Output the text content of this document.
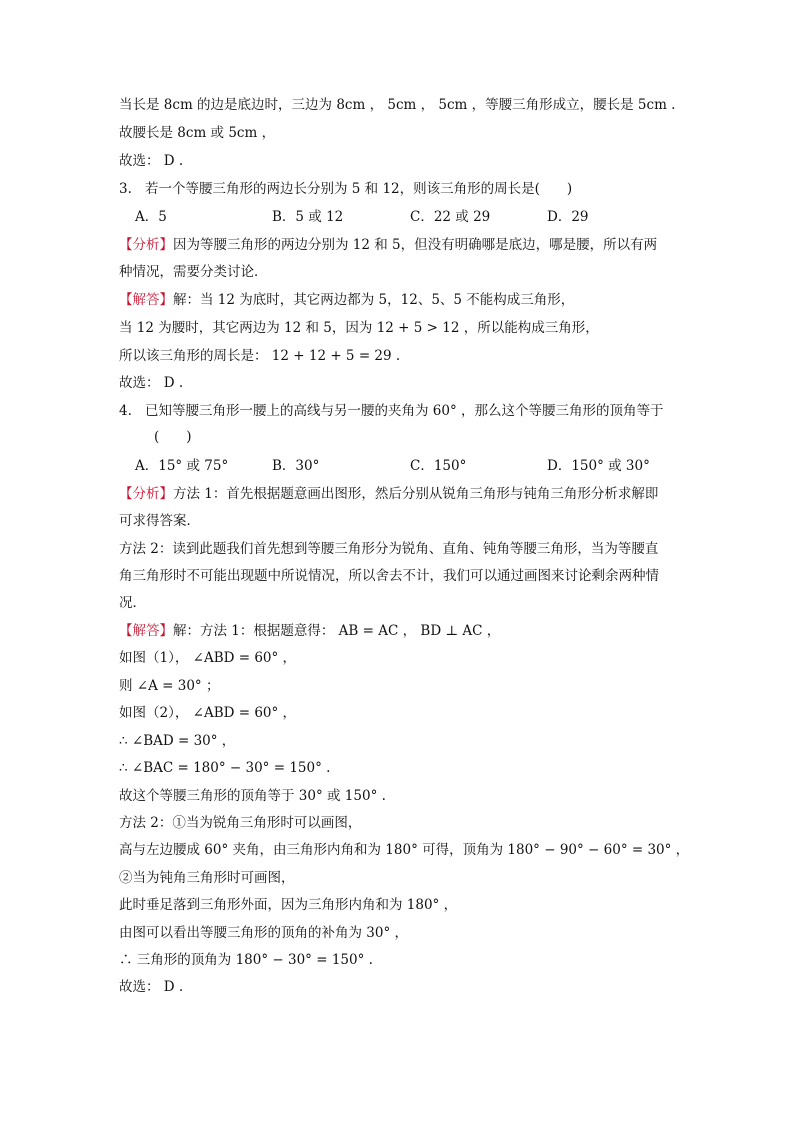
当长是 8cm 的边是底边时，三边为 8cm ， 5cm ， 5cm ，等腰三角形成立，腰长是 5cm .
故腰长是 8cm 或 5cm ，
故选： D .
3. 若一个等腰三角形的两边长分别为 5 和 12，则该三角形的周长是(　　)
A．5	B．5 或 12	C．22 或 29	D．29
【分析】因为等腰三角形的两边分别为 12 和 5，但没有明确哪是底边，哪是腰，所以有两
种情况，需要分类讨论．
【解答】解：当 12 为底时，其它两边都为 5，12、5、5 不能构成三角形，
当 12 为腰时，其它两边为 12 和 5，因为 12 + 5 > 12 ，所以能构成三角形，
所以该三角形的周长是： 12 + 12 + 5 = 29 .
故选： D .
4. 已知等腰三角形一腰上的高线与另一腰的夹角为 60° ，那么这个等腰三角形的顶角等于
(　　)
A．15° 或 75°	B．30°	C．150°	D．150° 或 30°
【分析】方法 1：首先根据题意画出图形，然后分别从锐角三角形与钝角三角形分析求解即
可求得答案．
方法 2：读到此题我们首先想到等腰三角形分为锐角、直角、钝角等腰三角形，当为等腰直
角三角形时不可能出现题中所说情况，所以舍去不计，我们可以通过画图来讨论剩余两种情
况．
【解答】解：方法 1：根据题意得： AB = AC ， BD ⊥ AC ，
如图（1）， ∠ABD = 60° ，
则 ∠A = 30° ；
如图（2）， ∠ABD = 60° ，
∴ ∠BAD = 30° ，
∴ ∠BAC = 180° − 30° = 150° .
故这个等腰三角形的顶角等于 30° 或 150° .
方法 2：①当为锐角三角形时可以画图，
高与左边腰成 60° 夹角，由三角形内角和为 180° 可得，顶角为 180° − 90° − 60° = 30° ，
②当为钝角三角形时可画图，
此时垂足落到三角形外面，因为三角形内角和为 180° ，
由图可以看出等腰三角形的顶角的补角为 30° ，
∴ 三角形的顶角为 180° − 30° = 150° .
故选： D .
